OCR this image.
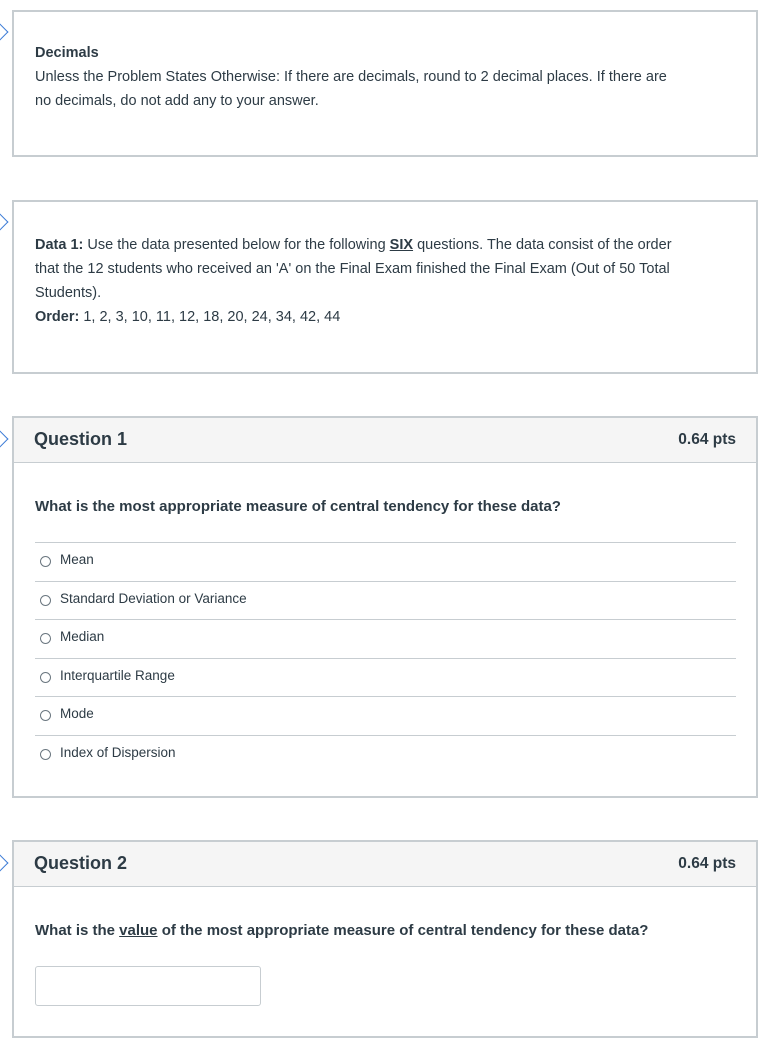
Decimals
Unless the Problem States Otherwise: If there are decimals, round to 2 decimal places. If there are
no decimals, do not add any to your answer.
Data 1: Use the data presented below for the following SIX questions. The data consist of the order
that the 12 students who received an 'A' on the Final Exam finished the Final Exam (Out of 50 Total
Students).
Order: 1, 2, 3, 10, 11, 12, 18, 20, 24, 34, 42, 44
Question 1	0.64 pts
What is the most appropriate measure of central tendency for these data?
Mean
Standard Deviation or Variance
Median
Interquartile Range
Mode
Index of Dispersion
Question 2	0.64 pts
What is the value of the most appropriate measure of central tendency for these data?
